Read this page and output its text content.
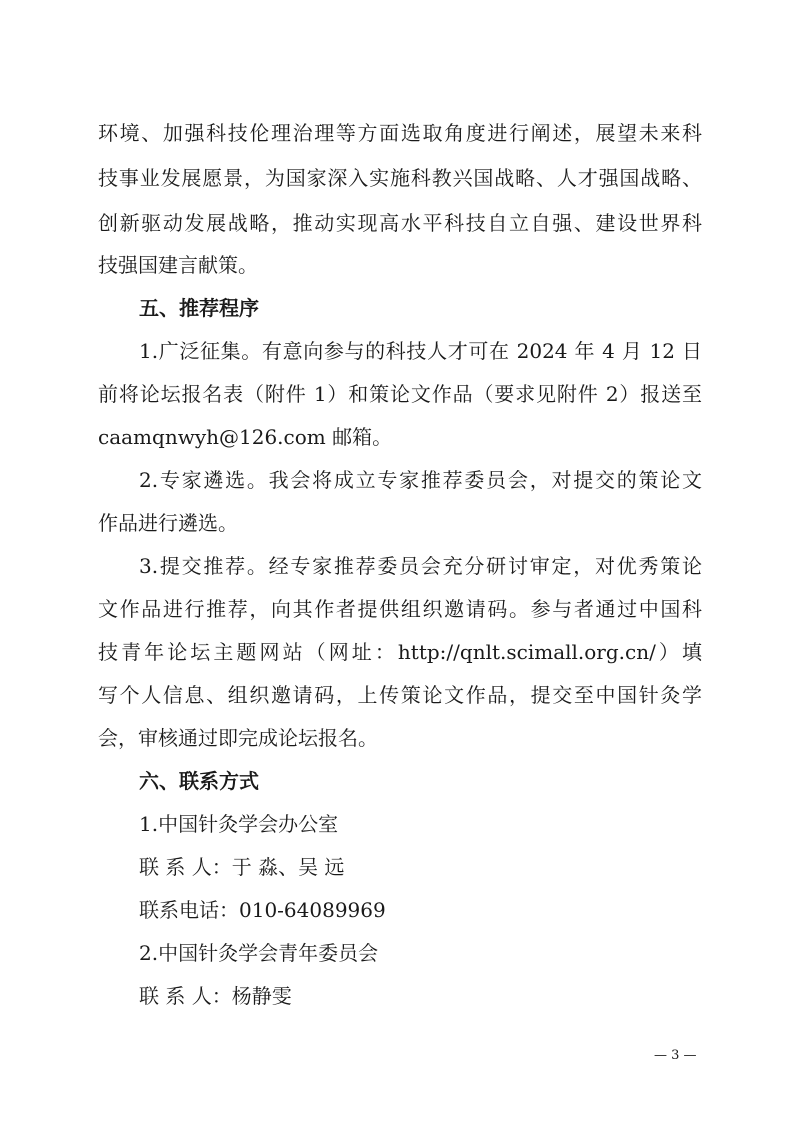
环境、加强科技伦理治理等方面选取角度进行阐述，展望未来科
技事业发展愿景，为国家深入实施科教兴国战略、人才强国战略、
创新驱动发展战略，推动实现高水平科技自立自强、建设世界科
技强国建言献策。
五、推荐程序
1.广泛征集。有意向参与的科技人才可在 2024 年 4 月 12 日
前将论坛报名表（附件 1）和策论文作品（要求见附件 2）报送至
caamqnwyh@126.com 邮箱。
2.专家遴选。我会将成立专家推荐委员会，对提交的策论文
作品进行遴选。
3.提交推荐。经专家推荐委员会充分研讨审定，对优秀策论
文作品进行推荐，向其作者提供组织邀请码。参与者通过中国科
技青年论坛主题网站（网址：http://qnlt.scimall.org.cn/）填
写个人信息、组织邀请码，上传策论文作品，提交至中国针灸学
会，审核通过即完成论坛报名。
六、联系方式
1.中国针灸学会办公室
联 系 人：于 淼、吴 远
联系电话：010-64089969
2.中国针灸学会青年委员会
联 系 人：杨静雯
— 3 —
